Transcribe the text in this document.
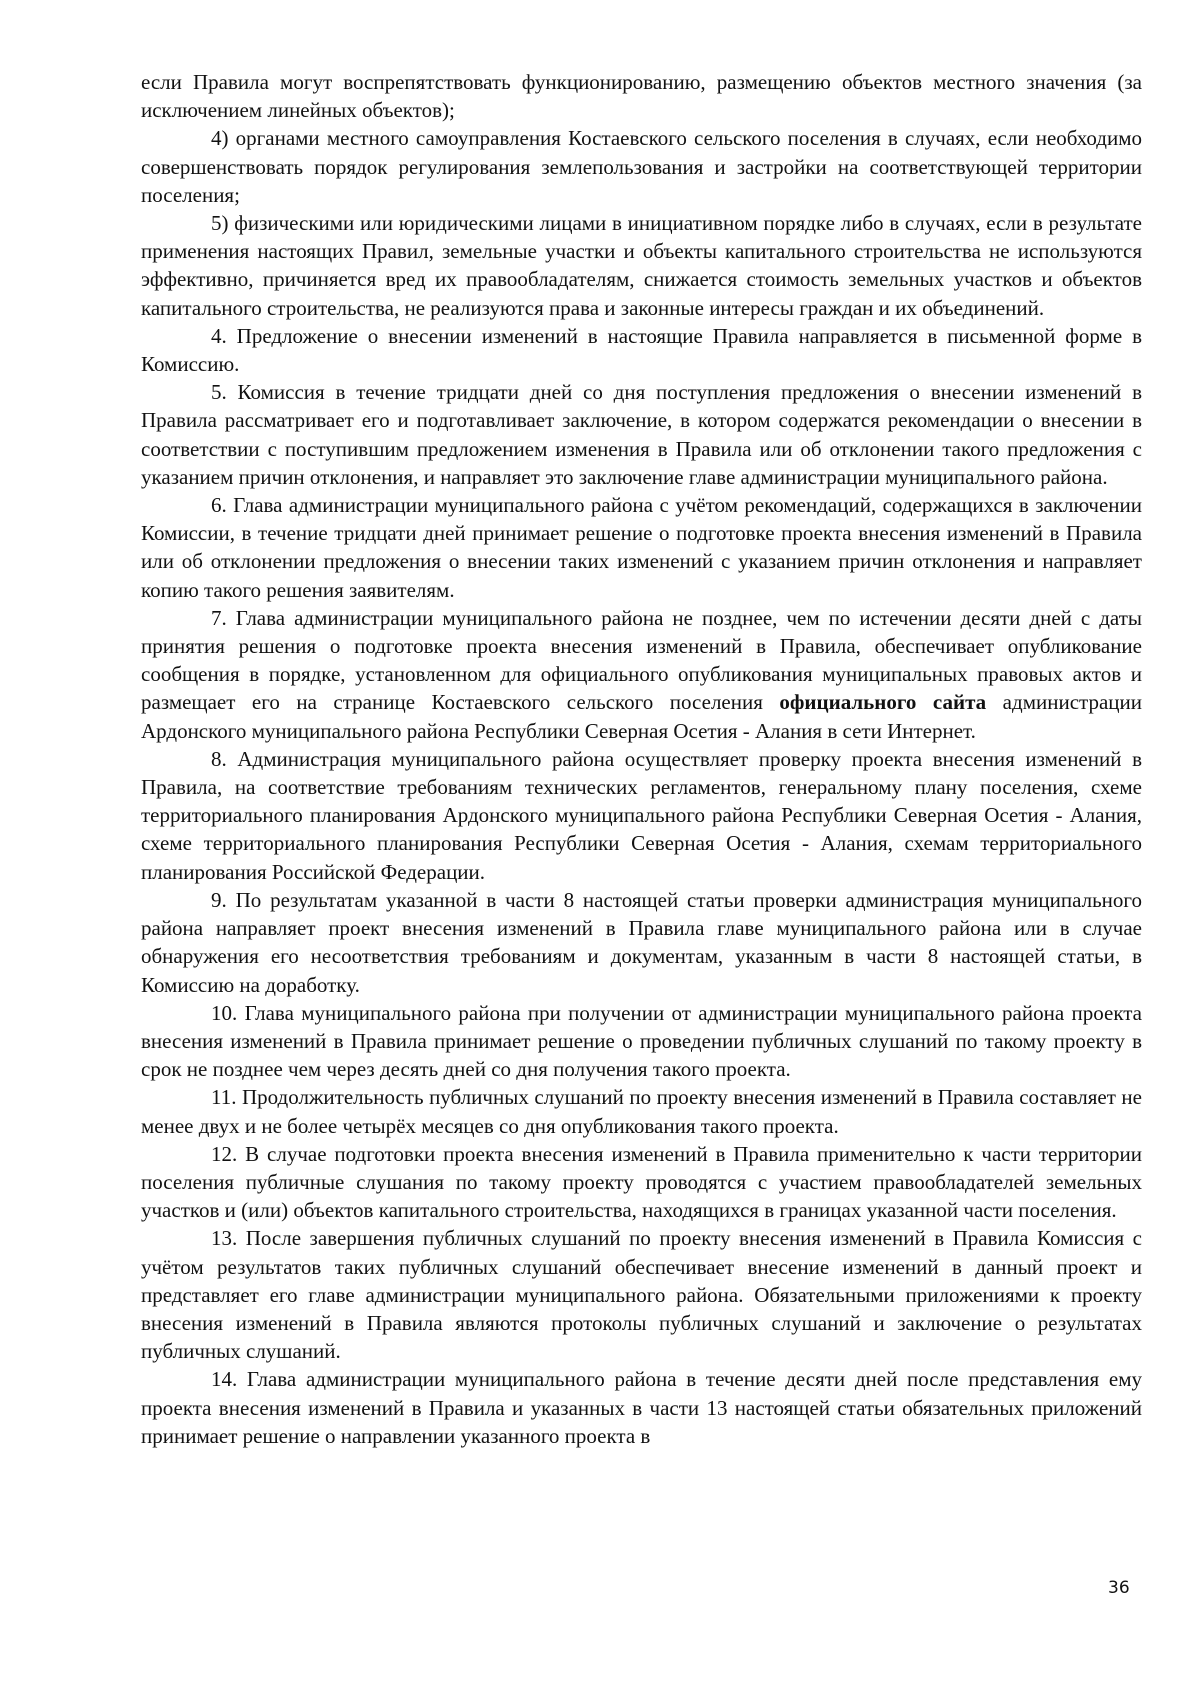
если Правила могут воспрепятствовать функционированию, размещению объектов местного значения (за исключением линейных объектов);

4) органами местного самоуправления Костаевского сельского поселения в случаях, если необходимо совершенствовать порядок регулирования землепользования и застройки на соответствующей территории поселения;

5) физическими или юридическими лицами в инициативном порядке либо в случаях, если в результате применения настоящих Правил, земельные участки и объекты капитального строительства не используются эффективно, причиняется вред их правообладателям, снижается стоимость земельных участков и объектов капитального строительства, не реализуются права и законные интересы граждан и их объединений.

4. Предложение о внесении изменений в настоящие Правила направляется в письменной форме в Комиссию.

5. Комиссия в течение тридцати дней со дня поступления предложения о внесении изменений в Правила рассматривает его и подготавливает заключение, в котором содержатся рекомендации о внесении в соответствии с поступившим предложением изменения в Правила или об отклонении такого предложения с указанием причин отклонения, и направляет это заключение главе администрации муниципального района.

6. Глава администрации муниципального района с учётом рекомендаций, содержащихся в заключении Комиссии, в течение тридцати дней принимает решение о подготовке проекта внесения изменений в Правила или об отклонении предложения о внесении таких изменений с указанием причин отклонения и направляет копию такого решения заявителям.

7. Глава администрации муниципального района не позднее, чем по истечении десяти дней с даты принятия решения о подготовке проекта внесения изменений в Правила, обеспечивает опубликование сообщения в порядке, установленном для официального опубликования муниципальных правовых актов и размещает его на странице Костаевского сельского поселения официального сайта администрации Ардонского муниципального района Республики Северная Осетия - Алания в сети Интернет.

8. Администрация муниципального района осуществляет проверку проекта внесения изменений в Правила, на соответствие требованиям технических регламентов, генеральному плану поселения, схеме территориального планирования Ардонского муниципального района Республики Северная Осетия - Алания, схеме территориального планирования Республики Северная Осетия - Алания, схемам территориального планирования Российской Федерации.

9. По результатам указанной в части 8 настоящей статьи проверки администрация муниципального района направляет проект внесения изменений в Правила главе муниципального района или в случае обнаружения его несоответствия требованиям и документам, указанным в части 8 настоящей статьи, в Комиссию на доработку.

10. Глава муниципального района при получении от администрации муниципального района проекта внесения изменений в Правила принимает решение о проведении публичных слушаний по такому проекту в срок не позднее чем через десять дней со дня получения такого проекта.

11. Продолжительность публичных слушаний по проекту внесения изменений в Правила составляет не менее двух и не более четырёх месяцев со дня опубликования такого проекта.

12. В случае подготовки проекта внесения изменений в Правила применительно к части территории поселения публичные слушания по такому проекту проводятся с участием правообладателей земельных участков и (или) объектов капитального строительства, находящихся в границах указанной части поселения.

13. После завершения публичных слушаний по проекту внесения изменений в Правила Комиссия с учётом результатов таких публичных слушаний обеспечивает внесение изменений в данный проект и представляет его главе администрации муниципального района. Обязательными приложениями к проекту внесения изменений в Правила являются протоколы публичных слушаний и заключение о результатах публичных слушаний.

14. Глава администрации муниципального района в течение десяти дней после представления ему проекта внесения изменений в Правила и указанных в части 13 настоящей статьи обязательных приложений принимает решение о направлении указанного проекта в

36
